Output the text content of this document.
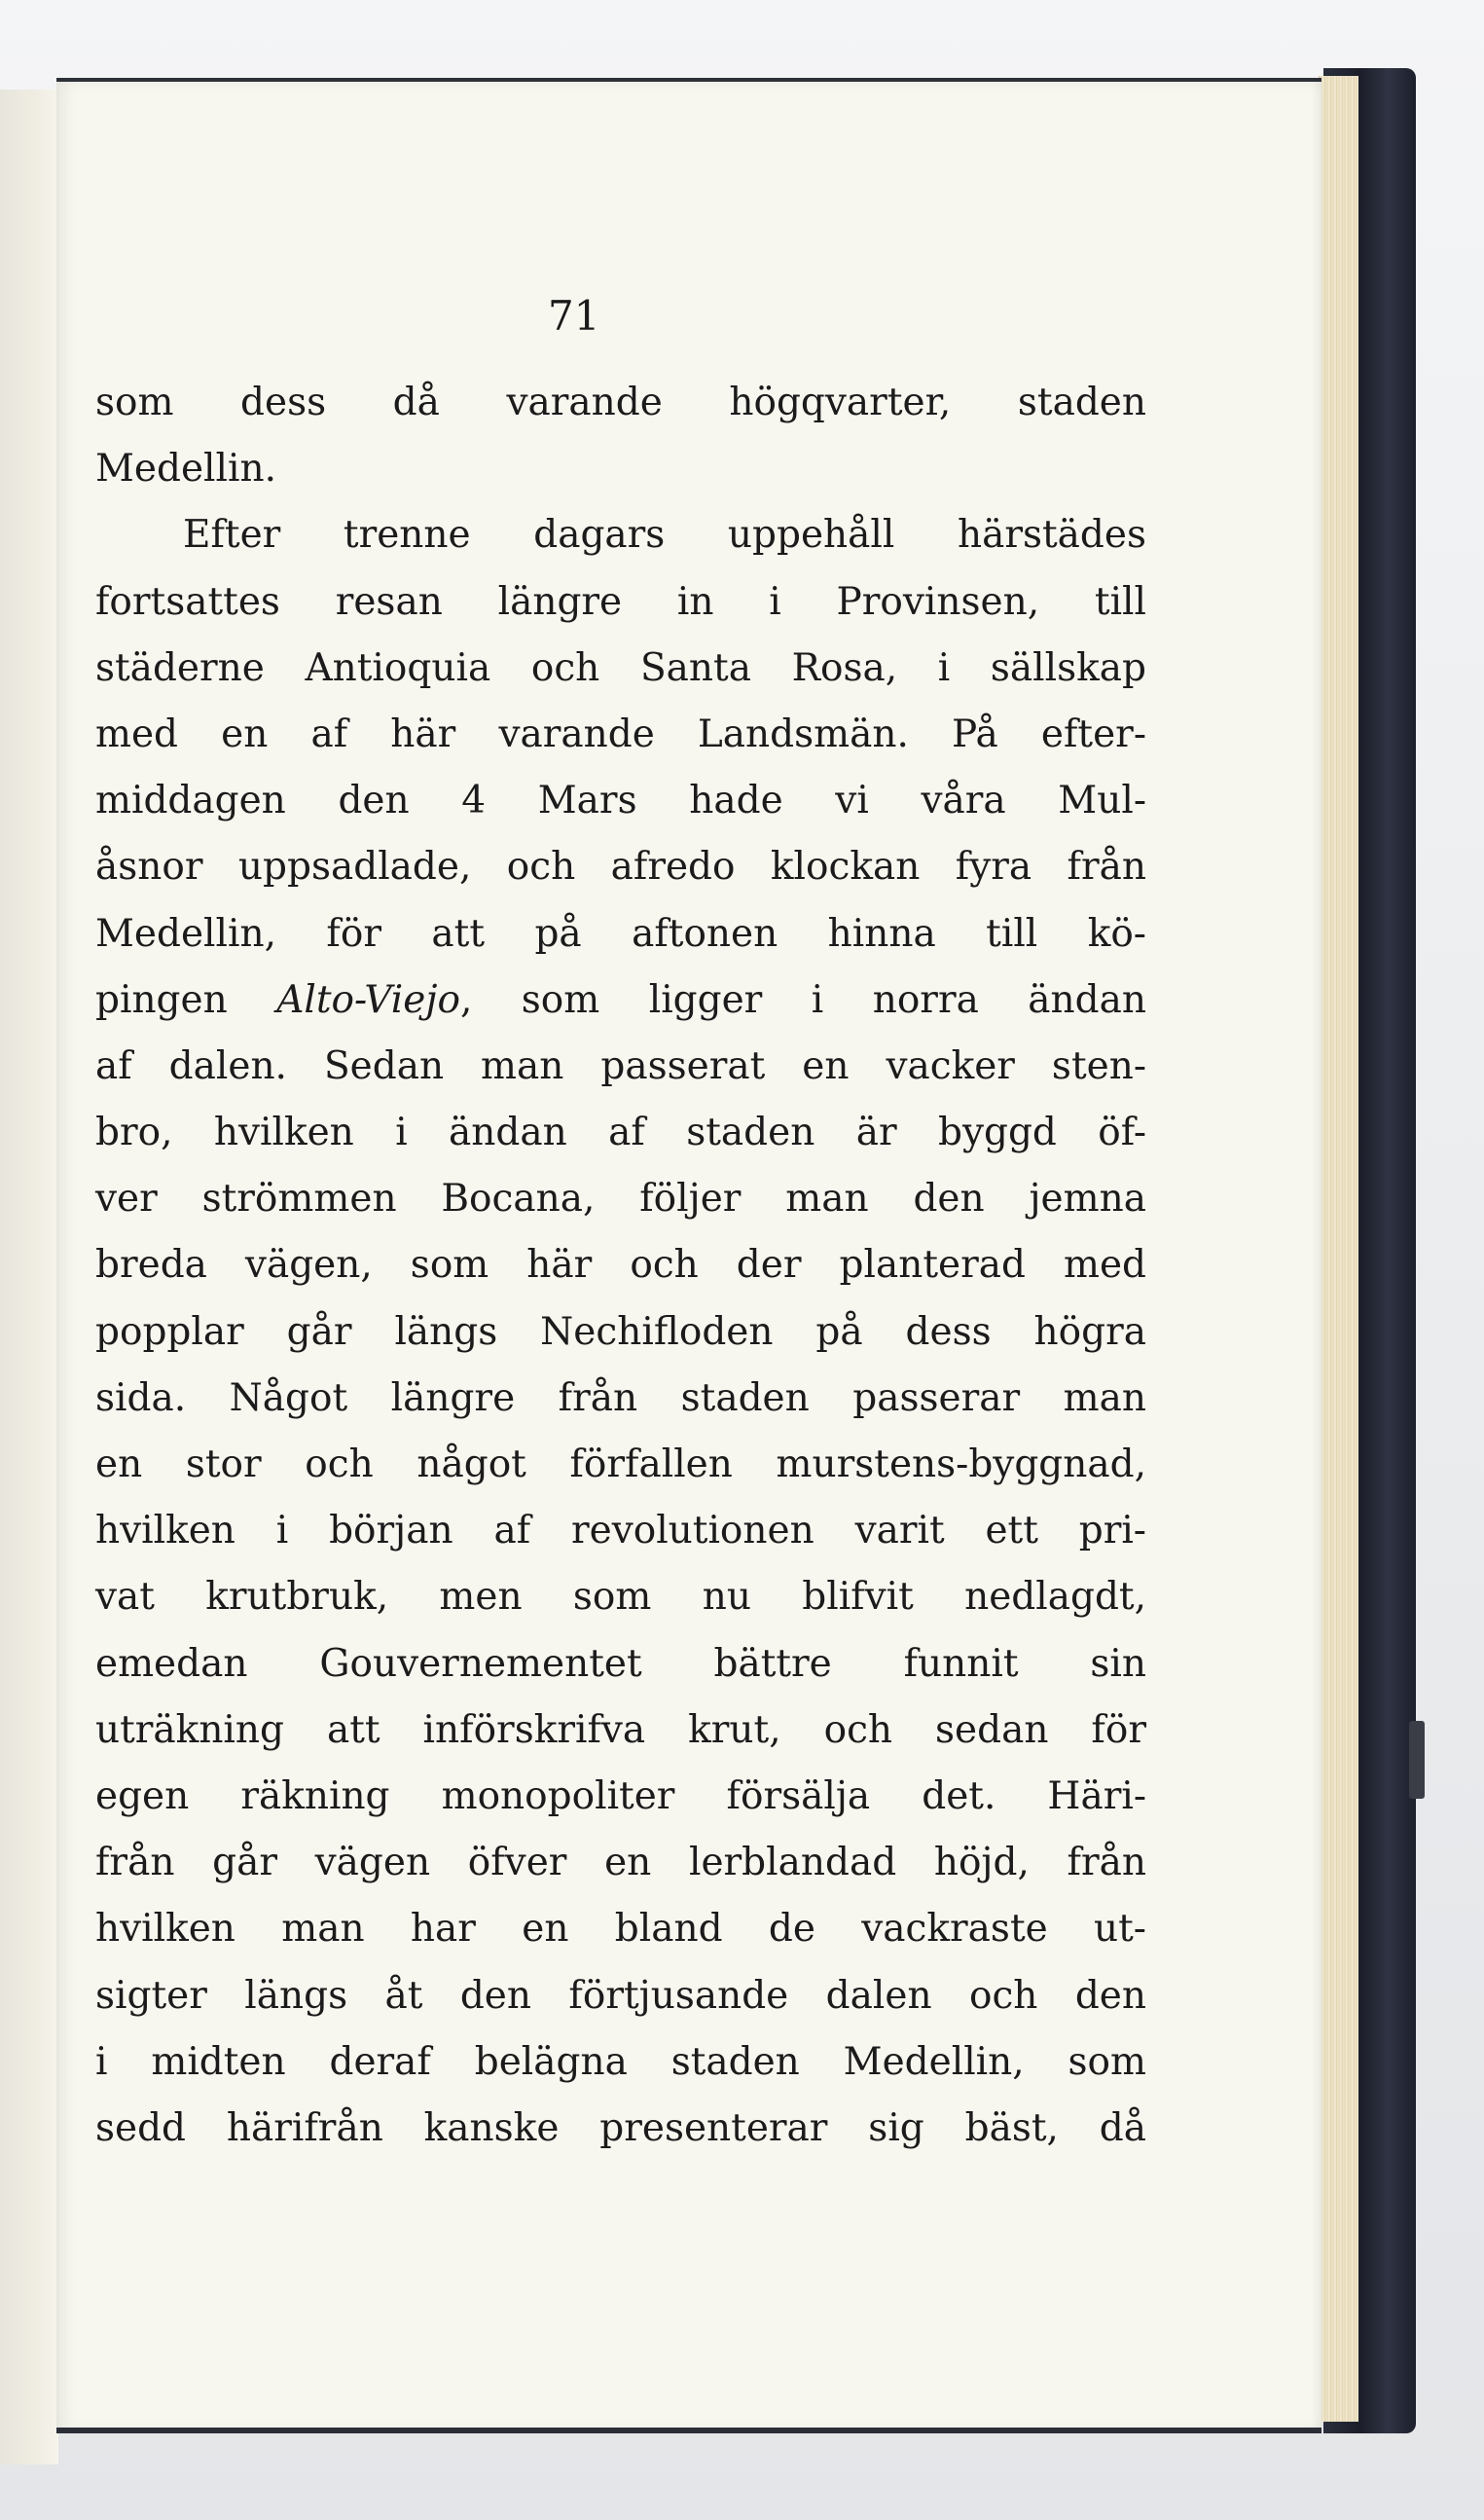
71
som dess då varande högqvarter, staden
Medellin.
Efter trenne dagars uppehåll härstädes
fortsattes resan längre in i Provinsen, till
städerne Antioquia och Santa Rosa, i sällskap
med en af här varande Landsmän. På efter-
middagen den 4 Mars hade vi våra Mul-
åsnor uppsadlade, och afredo klockan fyra från
Medellin, för att på aftonen hinna till kö-
pingen Alto-Viejo, som ligger i norra ändan
af dalen. Sedan man passerat en vacker sten-
bro, hvilken i ändan af staden är byggd öf-
ver strömmen Bocana, följer man den jemna
breda vägen, som här och der planterad med
popplar går längs Nechifloden på dess högra
sida. Något längre från staden passerar man
en stor och något förfallen murstens-byggnad,
hvilken i början af revolutionen varit ett pri-
vat krutbruk, men som nu blifvit nedlagdt,
emedan Gouvernementet bättre funnit sin
uträkning att införskrifva krut, och sedan för
egen räkning monopoliter försälja det. Häri-
från går vägen öfver en lerblandad höjd, från
hvilken man har en bland de vackraste ut-
sigter längs åt den förtjusande dalen och den
i midten deraf belägna staden Medellin, som
sedd härifrån kanske presenterar sig bäst, då
